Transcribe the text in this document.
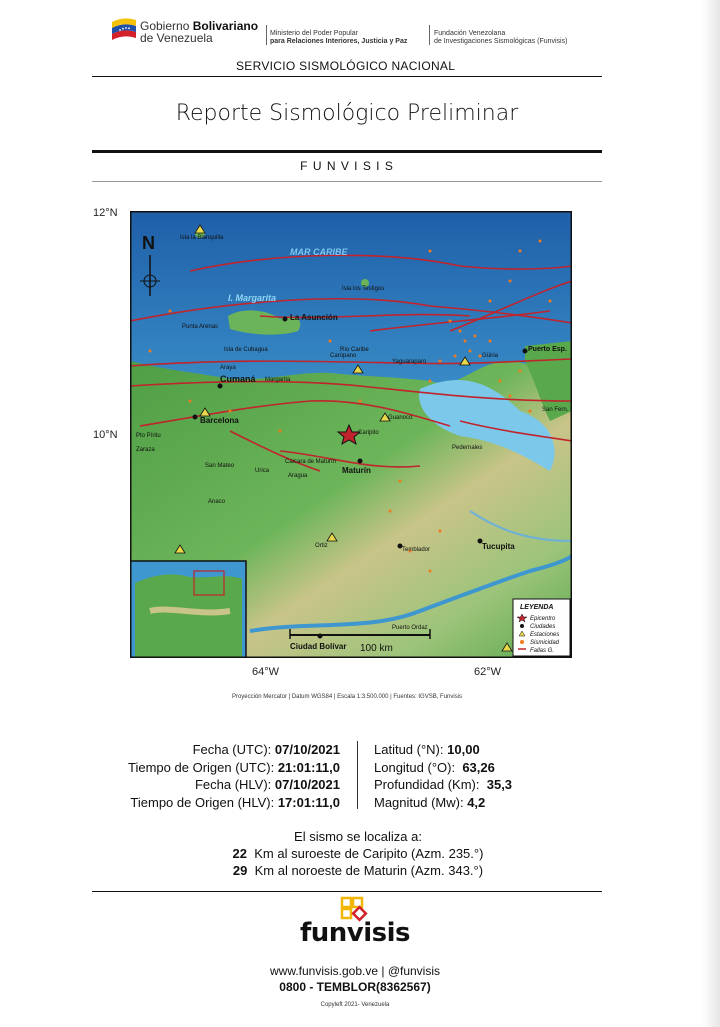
Gobierno Bolivariano
de Venezuela	Ministerio del Poder Popular
para Relaciones Interiores, Justicia y Paz
Fundación Venezolana
de Investigaciones Sismológicas (Funvisis)
SERVICIO SISMOLÓGICO NACIONAL
Reporte Sismológico Preliminar
F U N V I S I S
12°N
10°N
64°W	62°W
MAR CARIBE
I. Margarita
La Asunción
Cumaná
Barcelona
Maturín
Ciudad Bolívar
Tucupita
Puerto Esp.
Isla la Blanquilla
Isla los Testigos
Punta Arenas
Isla de Cubagua
Araya
Margarita
Río Caribe
Carúpano
Yaguaraparo
Güiria
Caripito
Guanoco
Caicara de Maturín
Urica
San Mateo
Anaco
Aragua
Ortiz
Pedernales
Temblador
Puerto Ordaz
San Fern.
Pto Píritu
Zaraza
N
100 km
LEYENDA
Epicentro
Ciudades
Estaciones
Sismicidad
Fallas G.
Proyección Mercator | Datum WGS84 | Escala 1:3.500.000 | Fuentes: IGVSB, Funvisis
Fecha (UTC): 07/10/2021
Tiempo de Origen (UTC): 21:01:11,0
Fecha (HLV): 07/10/2021
Tiempo de Origen (HLV): 17:01:11,0
Latitud (°N): 10,00
Longitud (°O): 63,26
Profundidad (Km): 35,3
Magnitud (Mw): 4,2
El sismo se localiza a:
22 Km al suroeste de Caripito (Azm. 235.°)
29 Km al noroeste de Maturin (Azm. 343.°)
funvisis
www.funvisis.gob.ve | @funvisis
0800 - TEMBLOR(8362567)
Copyleft 2021- Venezuela
